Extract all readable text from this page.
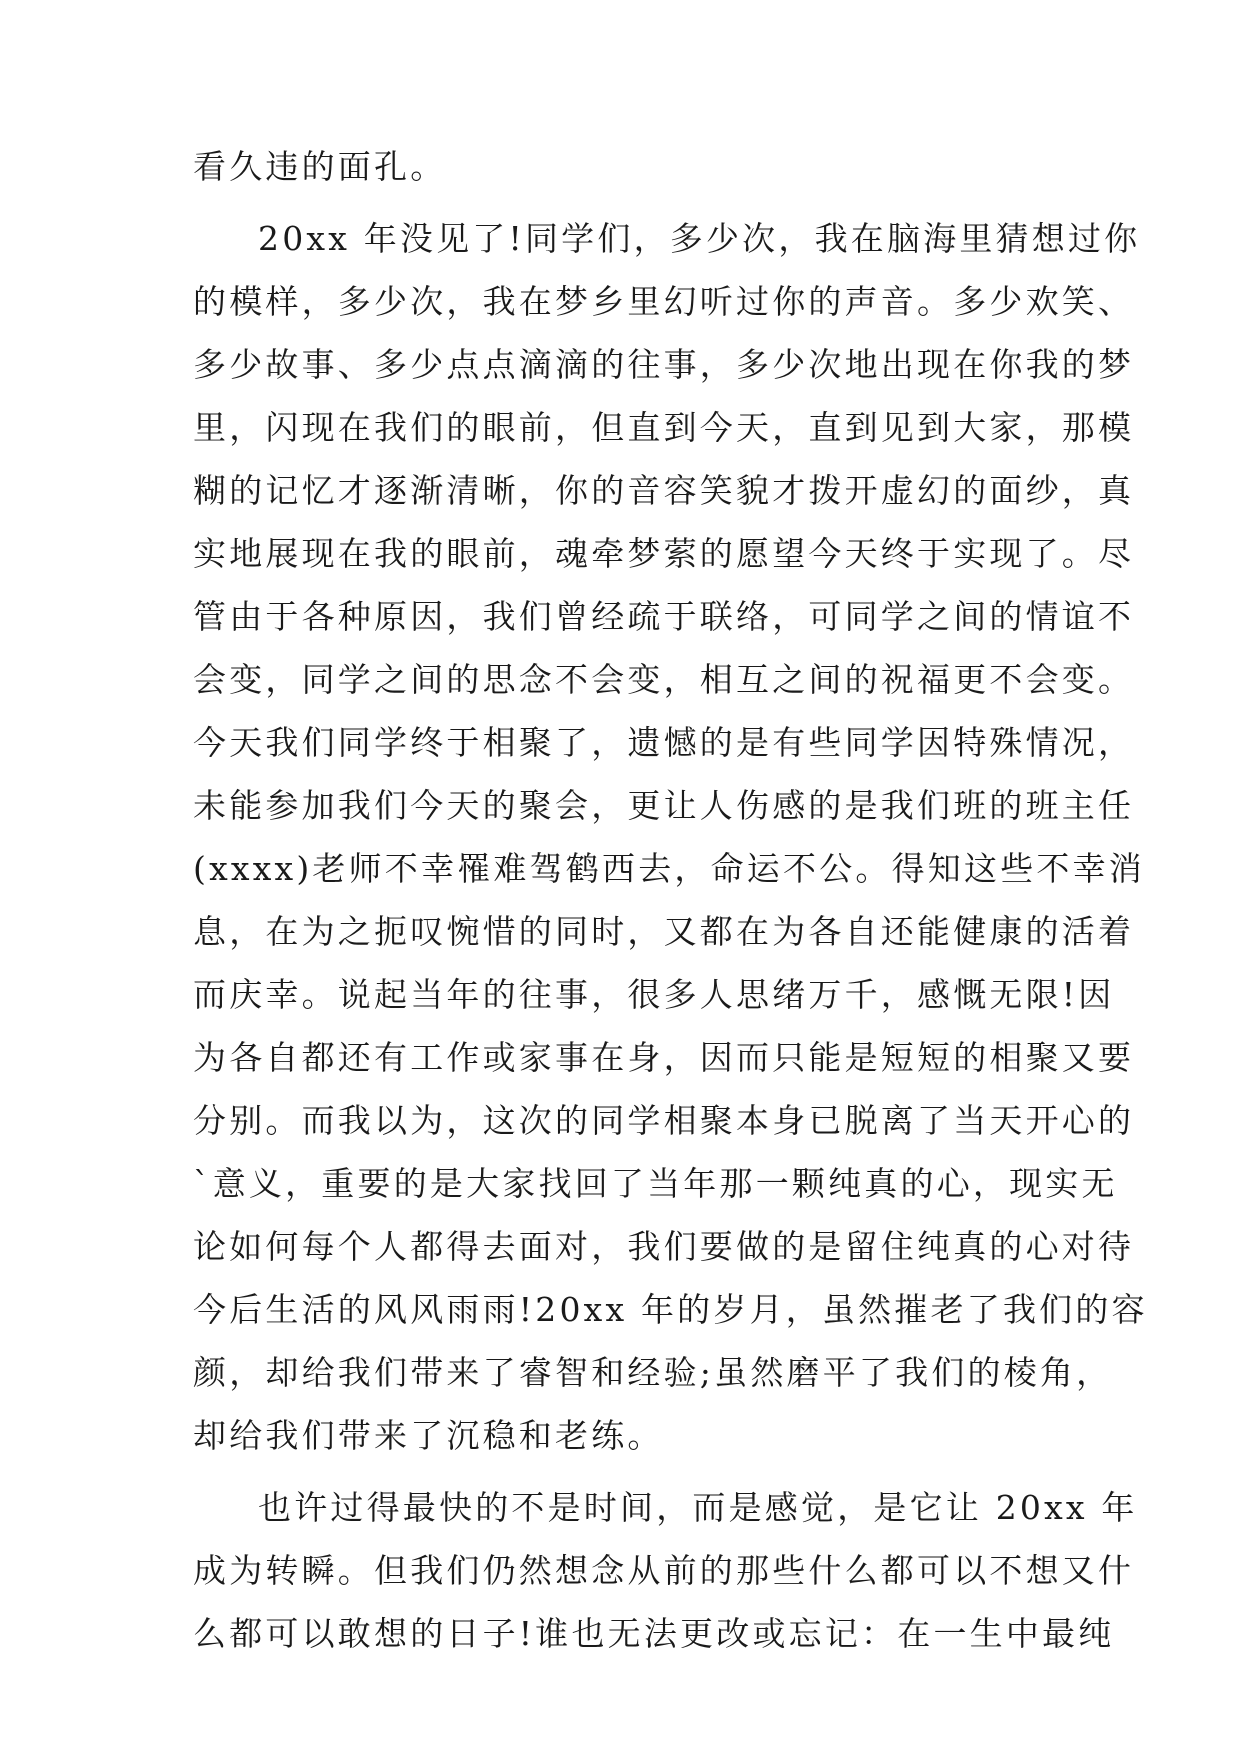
看久违的面孔。
20xx 年没见了!同学们，多少次，我在脑海里猜想过你
的模样，多少次，我在梦乡里幻听过你的声音。多少欢笑、
多少故事、多少点点滴滴的往事，多少次地出现在你我的梦
里，闪现在我们的眼前，但直到今天，直到见到大家，那模
糊的记忆才逐渐清晰，你的音容笑貌才拨开虚幻的面纱，真
实地展现在我的眼前，魂牵梦萦的愿望今天终于实现了。尽
管由于各种原因，我们曾经疏于联络，可同学之间的情谊不
会变，同学之间的思念不会变，相互之间的祝福更不会变。
今天我们同学终于相聚了，遗憾的是有些同学因特殊情况，
未能参加我们今天的聚会，更让人伤感的是我们班的班主任
(xxxx)老师不幸罹难驾鹤西去，命运不公。得知这些不幸消
息，在为之扼叹惋惜的同时，又都在为各自还能健康的活着
而庆幸。说起当年的往事，很多人思绪万千，感慨无限!因
为各自都还有工作或家事在身，因而只能是短短的相聚又要
分别。而我以为，这次的同学相聚本身已脱离了当天开心的
`意义，重要的是大家找回了当年那一颗纯真的心，现实无
论如何每个人都得去面对，我们要做的是留住纯真的心对待
今后生活的风风雨雨!20xx 年的岁月，虽然摧老了我们的容
颜，却给我们带来了睿智和经验;虽然磨平了我们的棱角，
却给我们带来了沉稳和老练。
也许过得最快的不是时间，而是感觉，是它让 20xx 年
成为转瞬。但我们仍然想念从前的那些什么都可以不想又什
么都可以敢想的日子!谁也无法更改或忘记：在一生中最纯
